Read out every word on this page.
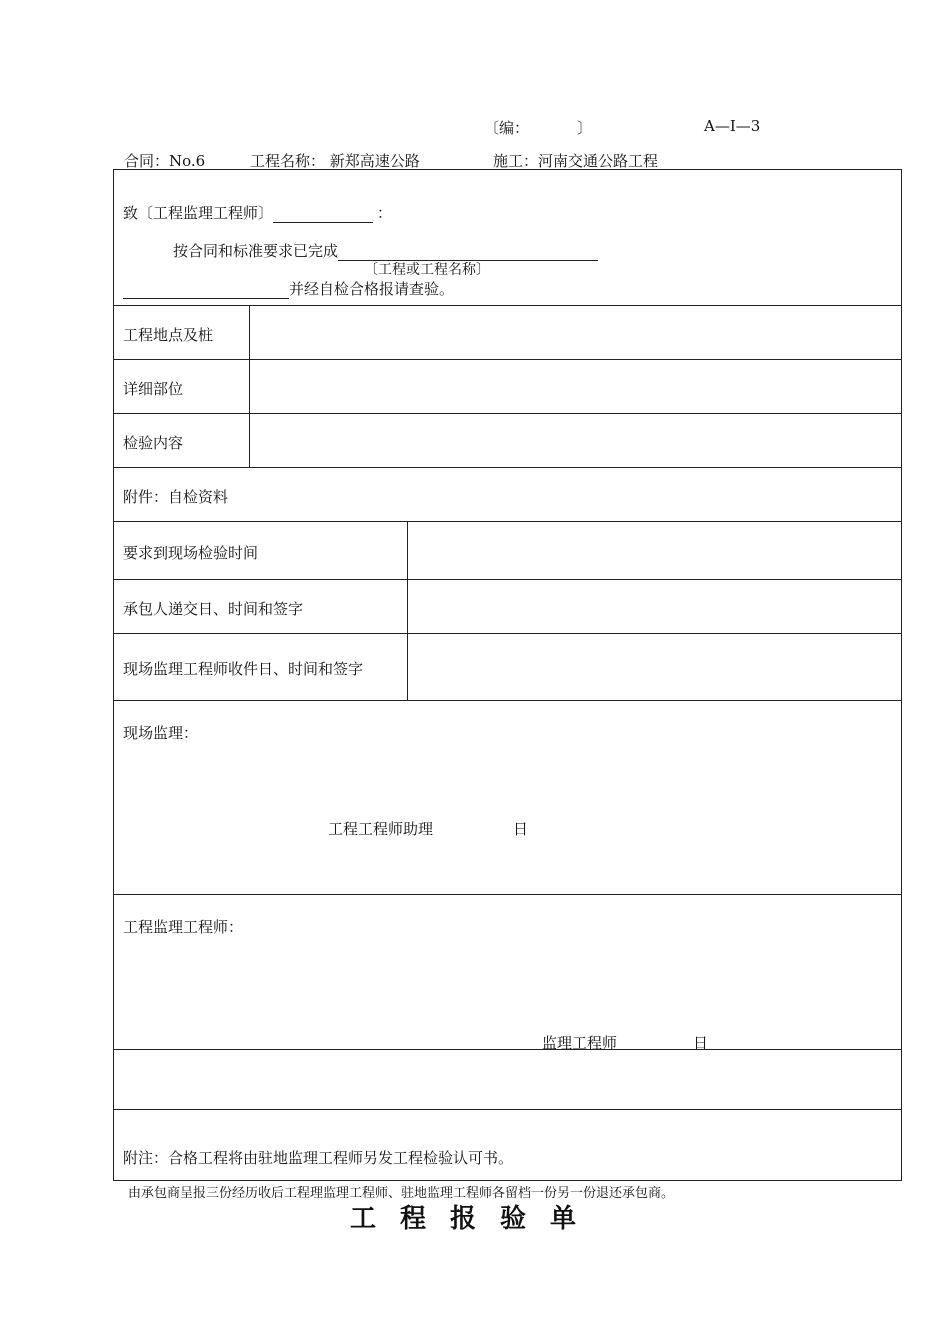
〔编：	〕	A—Ⅰ—3
合同：No.6	工程名称： 新郑高速公路	施工：河南交通公路工程
致〔工程监理工程师〕	：
按合同和标准要求已完成
〔工程或工程名称〕
并经自检合格报请查验。
工程地点及桩
详细部位
检验内容
附件：自检资料
要求到现场检验时间
承包人递交日、时间和签字
现场监理工程师收件日、时间和签字
现场监理：
工程工程师助理	日
工程监理工程师：
监理工程师	日
附注：合格工程将由驻地监理工程师另发工程检验认可书。
由承包商呈报三份经历收后工程理监理工程师、驻地监理工程师各留档一份另一份退还承包商。
工程报验单
